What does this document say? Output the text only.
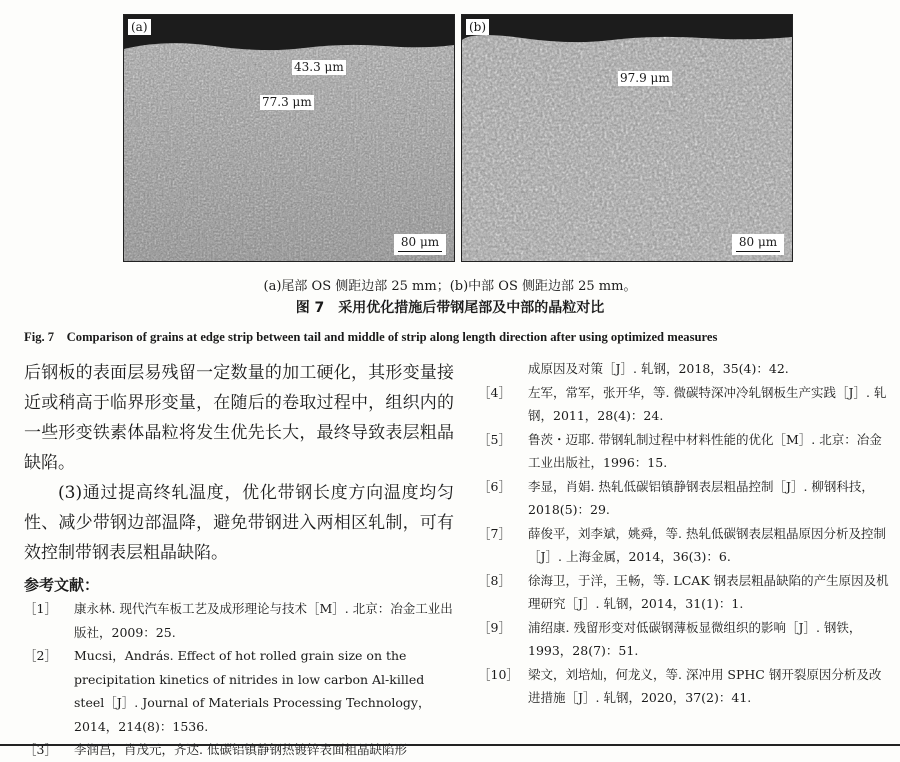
(a)
43.3 μm
77.3 μm
80 μm
(b)
97.9 μm
80 μm
(a)尾部 OS 侧距边部 25 mm；(b)中部 OS 侧距边部 25 mm。
图 7　采用优化措施后带钢尾部及中部的晶粒对比
Fig. 7　Comparison of grains at edge strip between tail and middle of strip along length direction after using optimized measures

后钢板的表面层易残留一定数量的加工硬化，其形变量接近或稍高于临界形变量，在随后的卷取过程中，组织内的一些形变铁素体晶粒将发生优先长大，最终导致表层粗晶缺陷。

(3)通过提高终轧温度，优化带钢长度方向温度均匀性、减少带钢边部温降，避免带钢进入两相区轧制，可有效控制带钢表层粗晶缺陷。

参考文献：
［1］ 康永林. 现代汽车板工艺及成形理论与技术［M］. 北京：冶金工业出版社，2009：25.
［2］ Mucsi，András. Effect of hot rolled grain size on the precipitation kinetics of nitrides in low carbon Al-killed steel［J］. Journal of Materials Processing Technology，2014，214(8)：1536.
［3］ 李润昌，肖茂元，齐达. 低碳铝镇静钢热镀锌表面粗晶缺陷形
成原因及对策［J］. 轧钢，2018，35(4)：42.
［4］ 左军，常军，张开华，等. 微碳特深冲冷轧钢板生产实践［J］. 轧钢，2011，28(4)：24.
［5］ 鲁茨・迈耶. 带钢轧制过程中材料性能的优化［M］. 北京：冶金工业出版社，1996：15.
［6］ 李显，肖娟. 热轧低碳铝镇静钢表层粗晶控制［J］. 柳钢科技，2018(5)：29.
［7］ 薛俊平，刘李斌，姚舜，等. 热轧低碳钢表层粗晶原因分析及控制［J］. 上海金属，2014，36(3)：6.
［8］ 徐海卫，于洋，王畅，等. LCAK 钢表层粗晶缺陷的产生原因及机理研究［J］. 轧钢，2014，31(1)：1.
［9］ 浦绍康. 残留形变对低碳钢薄板显微组织的影响［J］. 钢铁，1993，28(7)：51.
［10］ 梁文，刘培灿，何龙义，等. 深冲用 SPHC 钢开裂原因分析及改进措施［J］. 轧钢，2020，37(2)：41.
